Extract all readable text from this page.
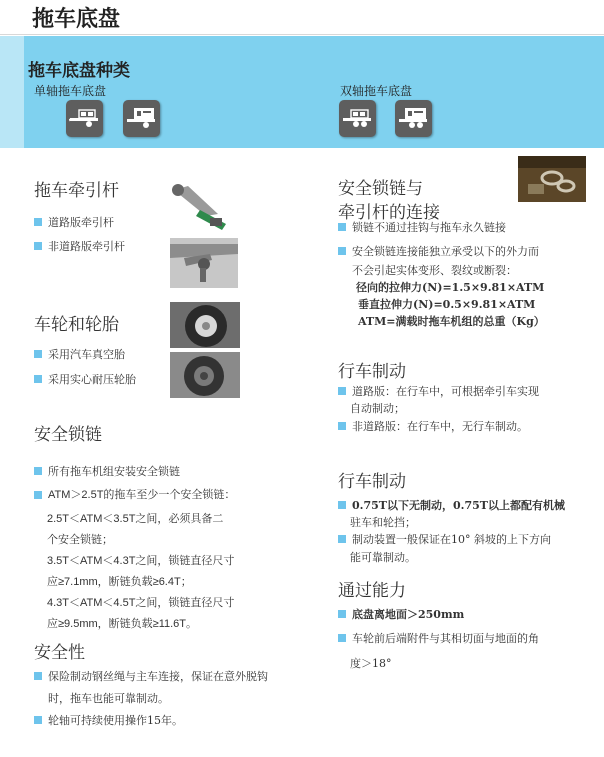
拖车底盘
拖车底盘种类
单轴拖车底盘	双轴拖车底盘
拖车牵引杆
道路版牵引杆
非道路版牵引杆
车轮和轮胎
采用汽车真空胎
采用实心耐压轮胎
安全锁链
所有拖车机组安装安全锁链
ATM＞2.5T的拖车至少一个安全锁链：
2.5T＜ATM＜3.5T之间，必须具备二
个安全锁链；
3.5T＜ATM＜4.3T之间，锁链直径尺寸
应≥7.1mm，断链负载≥6.4T；
4.3T＜ATM＜4.5T之间，锁链直径尺寸
应≥9.5mm，断链负载≥11.6T。
安全性
保险制动钢丝绳与主车连接，保证在意外脱钩
时，拖车也能可靠制动。
轮轴可持续使用操作15年。
安全锁链与
牵引杆的连接
锁链不通过挂钩与拖车永久链接
安全锁链连接能独立承受以下的外力而
不会引起实体变形、裂纹或断裂：
径向的拉伸力(N)=1.5×9.81×ATM
垂直拉伸力(N)=0.5×9.81×ATM
ATM=满载时拖车机组的总重（Kg）
行车制动
道路版：在行车中，可根据牵引车实现
自动制动；
非道路版：在行车中，无行车制动。
行车制动
0.75T以下无制动，0.75T以上都配有机械
驻车和轮挡；
制动装置一般保证在10° 斜坡的上下方向
能可靠制动。
通过能力
底盘离地面＞250mm
车轮前后端附件与其相切面与地面的角
度＞18°
